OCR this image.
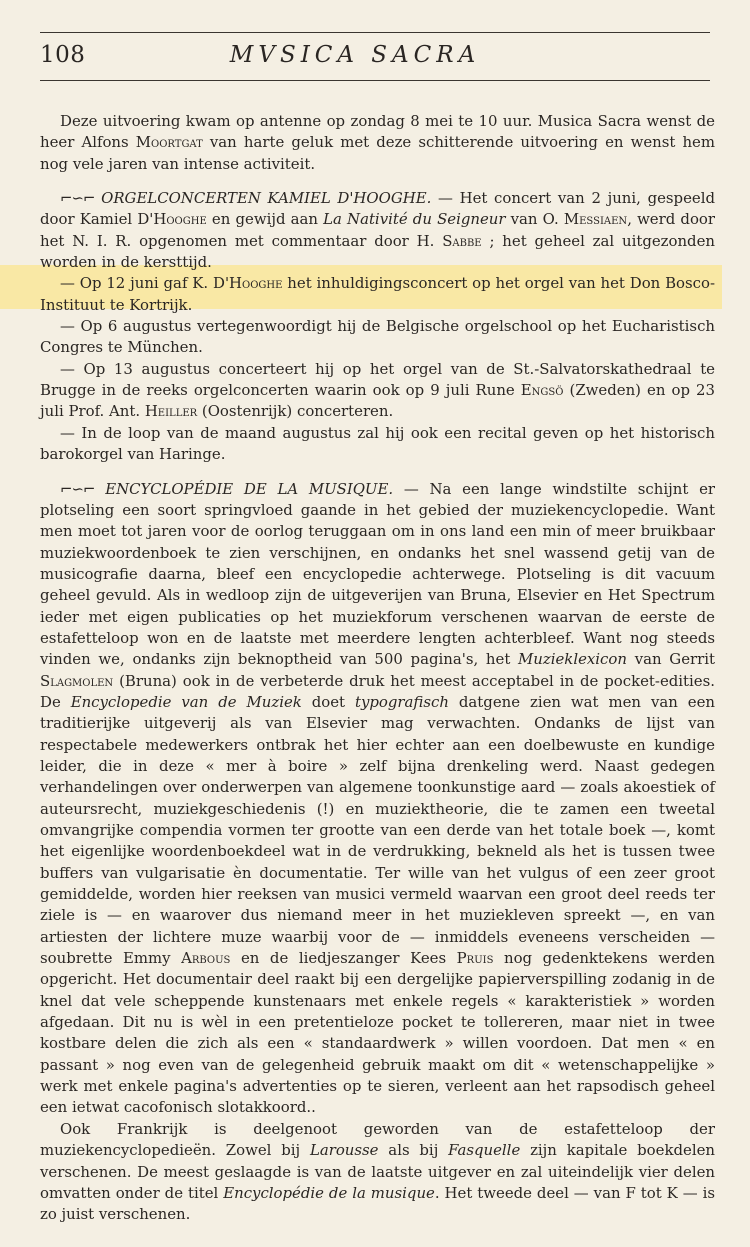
108	MVSICA SACRA

Deze uitvoering kwam op antenne op zondag 8 mei te 10 uur. Musica Sacra wenst de heer Alfons Moortgat van harte geluk met deze schitterende uitvoering en wenst hem nog vele jaren van intense activiteit.

⌐∽⌐ ORGELCONCERTEN KAMIEL D'HOOGHE. — Het concert van 2 juni, gespeeld door Kamiel D'Hooghe en gewijd aan La Nativité du Seigneur van O. Messiaen, werd door het N. I. R. opgenomen met commentaar door H. Sabbe ; het geheel zal uitgezonden worden in de kersttijd.

— Op 12 juni gaf K. D'Hooghe het inhuldigingsconcert op het orgel van het Don Bosco-Instituut te Kortrijk.

— Op 6 augustus vertegenwoordigt hij de Belgische orgelschool op het Eucharistisch Congres te München.

— Op 13 augustus concerteert hij op het orgel van de St.-Salvatorskathedraal te Brugge in de reeks orgelconcerten waarin ook op 9 juli Rune Engsö (Zweden) en op 23 juli Prof. Ant. Heiller (Oostenrijk) concerteren.

— In de loop van de maand augustus zal hij ook een recital geven op het historisch barokorgel van Haringe.

⌐∽⌐ ENCYCLOPÉDIE DE LA MUSIQUE. — Na een lange windstilte schijnt er plotseling een soort springvloed gaande in het gebied der muziekencyclopedie. Want men moet tot jaren voor de oorlog teruggaan om in ons land een min of meer bruikbaar muziekwoordenboek te zien verschijnen, en ondanks het snel wassend getij van de musicografie daarna, bleef een encyclopedie achterwege. Plotseling is dit vacuum geheel gevuld. Als in wedloop zijn de uitgeverijen van Bruna, Elsevier en Het Spectrum ieder met eigen publicaties op het muziekforum verschenen waarvan de eerste de estafetteloop won en de laatste met meerdere lengten achterbleef. Want nog steeds vinden we, ondanks zijn beknoptheid van 500 pagina's, het Muzieklexicon van Gerrit Slagmolen (Bruna) ook in de verbeterde druk het meest acceptabel in de pocket-edities. De Encyclopedie van de Muziek doet typografisch datgene zien wat men van een traditierijke uitgeverij als van Elsevier mag verwachten. Ondanks de lijst van respectabele medewerkers ontbrak het hier echter aan een doelbewuste en kundige leider, die in deze « mer à boire » zelf bijna drenkeling werd. Naast gedegen verhandelingen over onderwerpen van algemene toonkunstige aard — zoals akoestiek of auteursrecht, muziekgeschiedenis (!) en muziektheorie, die te zamen een tweetal omvangrijke compendia vormen ter grootte van een derde van het totale boek —, komt het eigenlijke woordenboekdeel wat in de verdrukking, bekneld als het is tussen twee buffers van vulgarisatie èn documentatie. Ter wille van het vulgus of een zeer groot gemiddelde, worden hier reeksen van musici vermeld waarvan een groot deel reeds ter ziele is — en waarover dus niemand meer in het muziekleven spreekt —, en van artiesten der lichtere muze waarbij voor de — inmiddels eveneens verscheiden — soubrette Emmy Arbous en de liedjeszanger Kees Pruis nog gedenktekens werden opgericht. Het documentair deel raakt bij een dergelijke papierverspilling zodanig in de knel dat vele scheppende kunstenaars met enkele regels « karakteristiek » worden afgedaan. Dit nu is wèl in een pretentieloze pocket te tollereren, maar niet in twee kostbare delen die zich als een « standaardwerk » willen voordoen. Dat men « en passant » nog even van de gelegenheid gebruik maakt om dit « wetenschappelijke » werk met enkele pagina's advertenties op te sieren, verleent aan het rapsodisch geheel een ietwat cacofonisch slotakkoord..

Ook Frankrijk is deelgenoot geworden van de estafetteloop der muziekencyclopedieën. Zowel bij Larousse als bij Fasquelle zijn kapitale boekdelen verschenen. De meest geslaagde is van de laatste uitgever en zal uiteindelijk vier delen omvatten onder de titel Encyclopédie de la musique. Het tweede deel — van F tot K — is zo juist verschenen.
